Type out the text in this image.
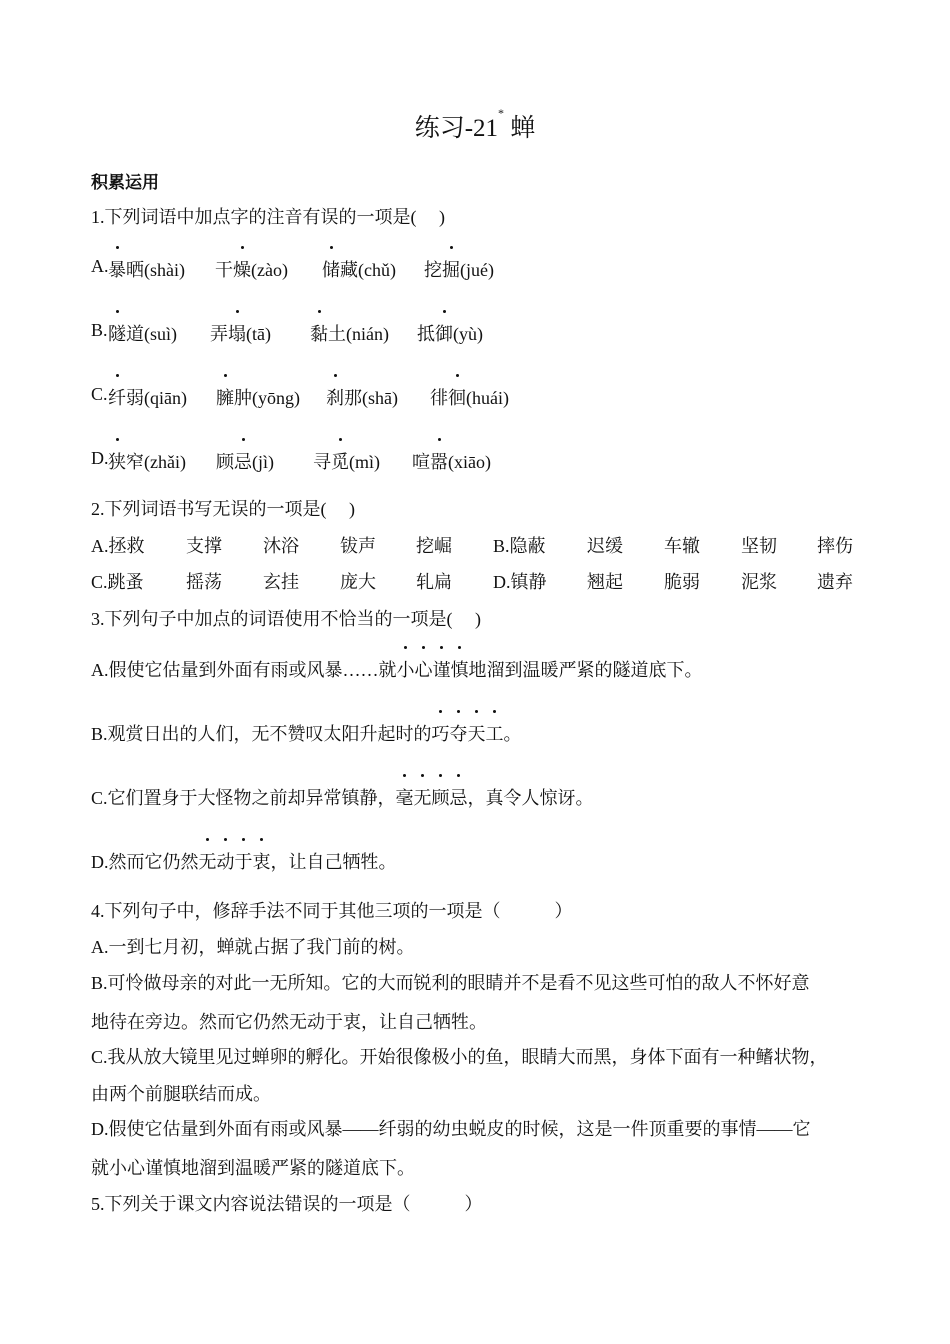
练习-21* 蝉
积累运用
1.下列词语中加点字的注音有误的一项是(　 )
A. 暴晒(shài) 干燥(zào) 储藏(chǔ) 挖掘(jué)
B. 隧道(suì) 弄塌(tā) 黏土(nián) 抵御(yù)
C. 纤弱(qiān) 臃肿(yōng) 刹那(shā) 徘徊(huái)
D. 狭窄(zhǎi) 顾忌(jì) 寻觅(mì) 喧嚣(xiāo)
2.下列词语书写无误的一项是(　 )
A.拯救 支撑 沐浴 钹声 挖崛 B.隐蔽 迟缓 车辙 坚韧 摔伤
C.跳蚤 摇荡 玄挂 庞大 轧扁 D.镇静 翘起 脆弱 泥浆 遗弃
3.下列句子中加点的词语使用不恰当的一项是(　 )
A.假使它估量到外面有雨或风暴……就小心谨慎地溜到温暖严紧的隧道底下。
B.观赏日出的人们，无不赞叹太阳升起时的巧夺天工。
C.它们置身于大怪物之前却异常镇静，毫无顾忌，真令人惊讶。
D.然而它仍然无动于衷，让自己牺牲。
4.下列句子中，修辞手法不同于其他三项的一项是（　　　）
A.一到七月初，蝉就占据了我门前的树。
B.可怜做母亲的对此一无所知。它的大而锐利的眼睛并不是看不见这些可怕的敌人不怀好意
地待在旁边。然而它仍然无动于衷，让自己牺牲。
C.我从放大镜里见过蝉卵的孵化。开始很像极小的鱼，眼睛大而黑，身体下面有一种鳍状物，
由两个前腿联结而成。
D.假使它估量到外面有雨或风暴——纤弱的幼虫蜕皮的时候，这是一件顶重要的事情——它
就小心谨慎地溜到温暖严紧的隧道底下。
5.下列关于课文内容说法错误的一项是（　　　）
